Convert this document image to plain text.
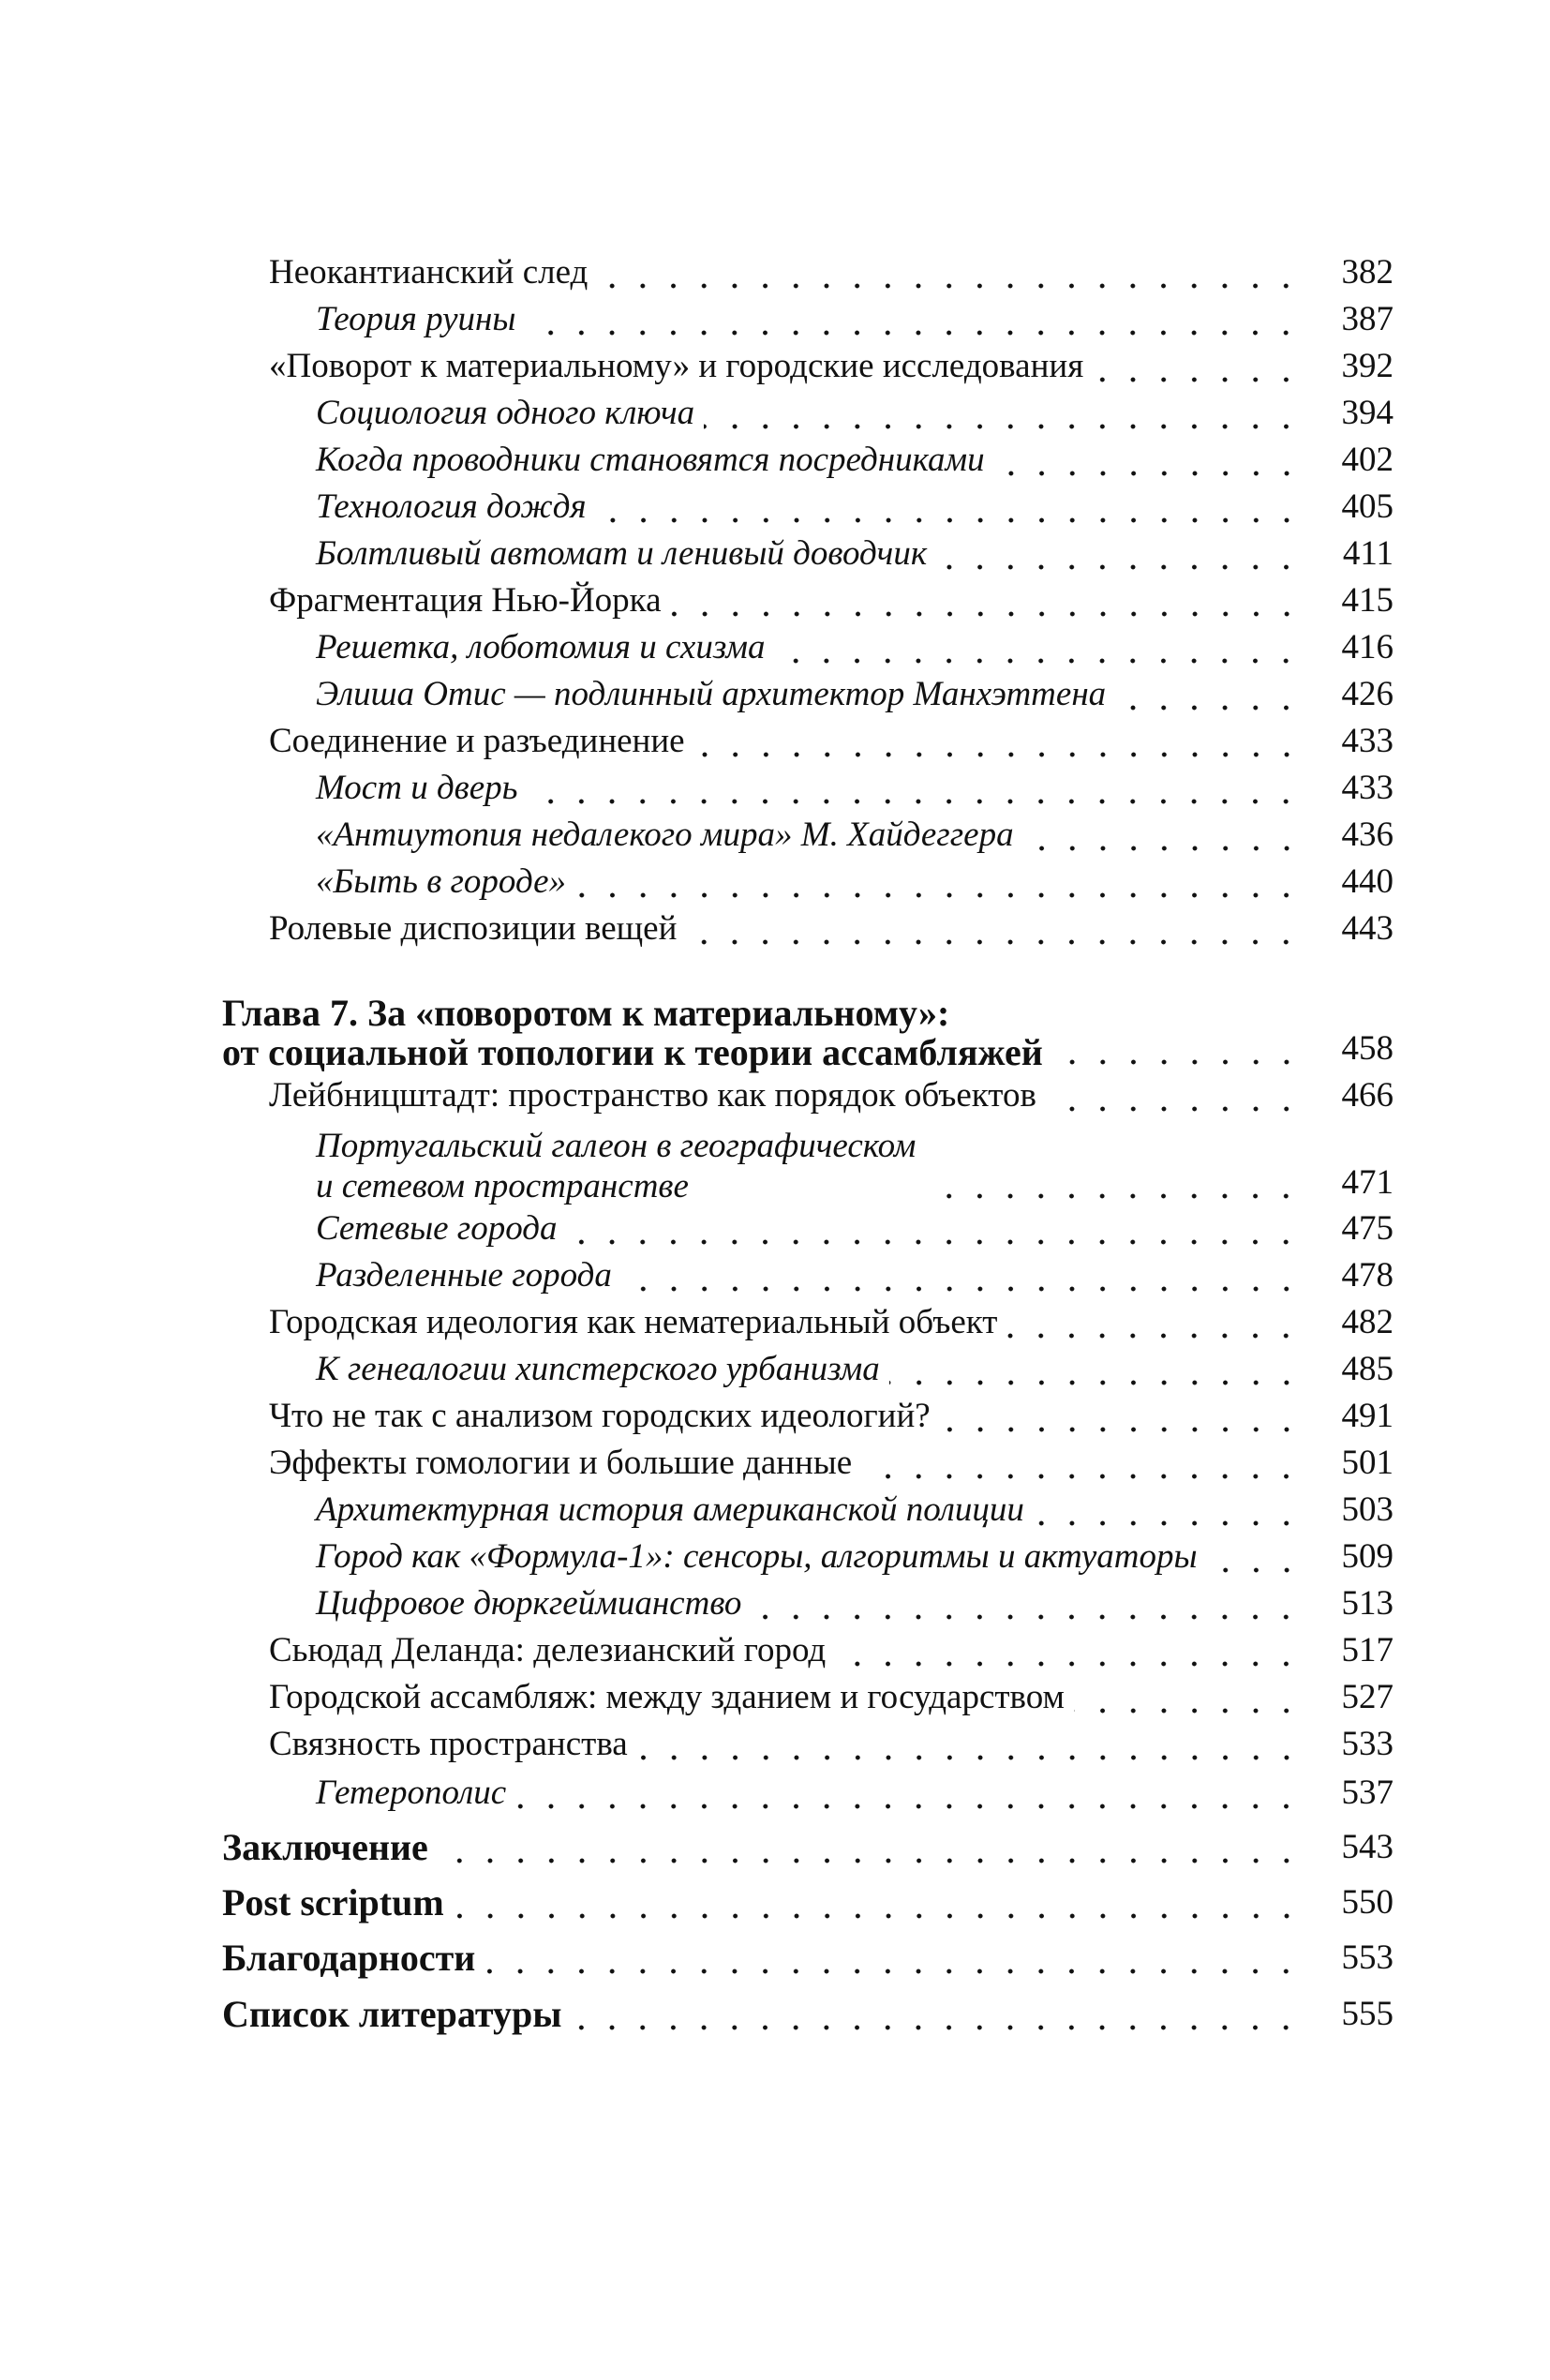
Неокантианский след	382
Теория руины	387
«Поворот к материальному» и городские исследования	392
Социология одного ключа	394
Когда проводники становятся посредниками	402
Технология дождя	405
Болтливый автомат и ленивый доводчик	411
Фрагментация Нью-Йорка	415
Решетка, лоботомия и схизма	416
Элиша Отис — подлинный архитектор Манхэттена	426
Соединение и разъединение	433
Мост и дверь	433
«Антиутопия недалекого мира» М. Хайдеггера	436
«Быть в городе»	440
Ролевые диспозиции вещей	443
Глава 7. За «поворотом к материальному»:
от социальной топологии к теории ассамбляжей	458
Лейбницштадт: пространство как порядок объектов	466
Португальский галеон в географическом
и сетевом пространстве	471
Сетевые города	475
Разделенные города	478
Городская идеология как нематериальный объект	482
К генеалогии хипстерского урбанизма	485
Что не так с анализом городских идеологий?	491
Эффекты гомологии и большие данные	501
Архитектурная история американской полиции	503
Город как «Формула-1»: сенсоры, алгоритмы и актуаторы	509
Цифровое дюркгеймианство	513
Сьюдад Деланда: делезианский город	517
Городской ассамбляж: между зданием и государством	527
Связность пространства	533
Гетерополис	537
Заключение	543
Post scriptum	550
Благодарности	553
Список литературы	555
